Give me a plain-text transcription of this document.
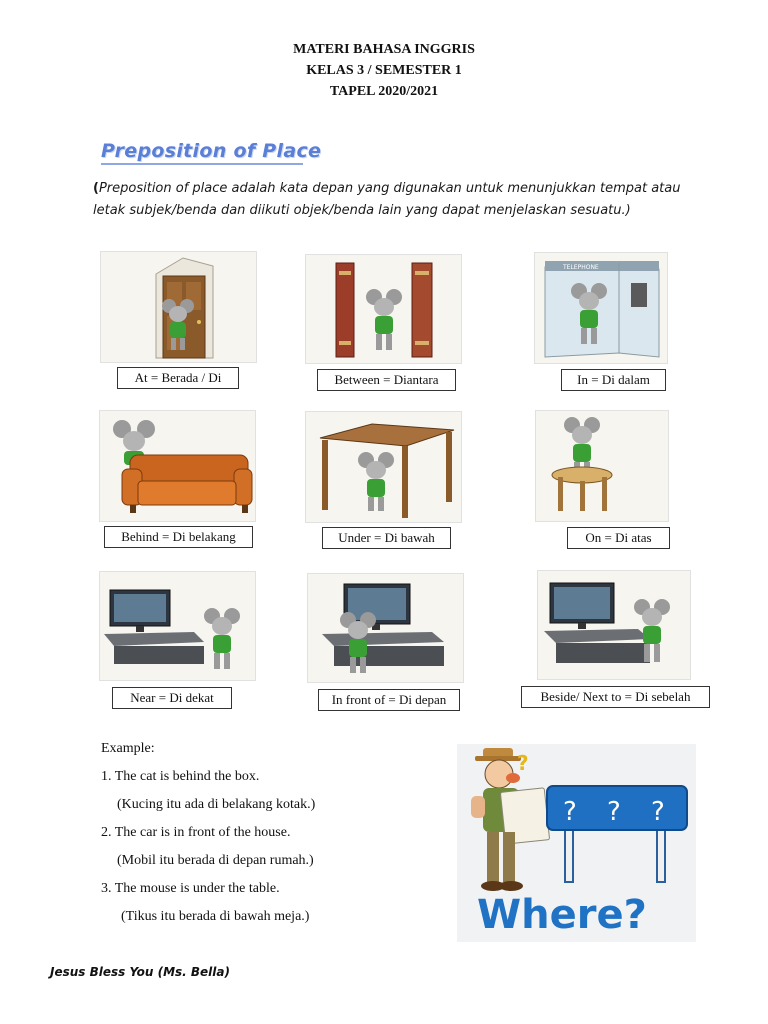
MATERI BAHASA INGGRIS
KELAS 3 / SEMESTER 1
TAPEL 2020/2021
Preposition of Place
(Preposition of place adalah kata depan yang digunakan untuk menunjukkan tempat atau letak subjek/benda dan diikuti objek/benda lain yang dapat menjelaskan sesuatu.)
At = Berada / Di	Between = Diantara
TELEPHONE
In = Di dalam
Behind = Di belakang	Under = Di bawah	On = Di atas
Near = Di dekat	In front of = Di depan	Beside/ Next to = Di sebelah
Example:
1. The cat is behind the box.
(Kucing itu ada di belakang kotak.)
2. The car is in front of the house.
(Mobil itu berada di depan rumah.)
3. The mouse is under the table.
(Tikus itu berada di bawah meja.)
?
? ? ?
Where?
Jesus Bless You (Ms. Bella)
